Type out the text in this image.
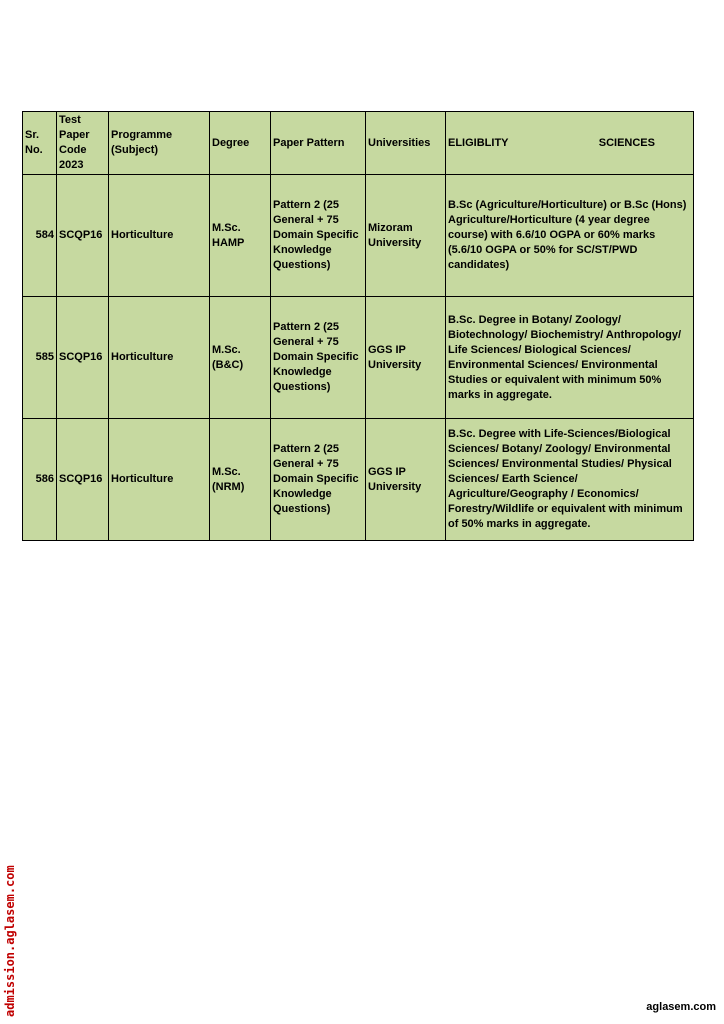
Sr. No.	Test Paper Code 2023	Programme (Subject)	Degree	Paper Pattern	Universities	ELIGIBLITY SCIENCES

584	SCQP16	Horticulture	M.Sc. HAMP	Pattern 2 (25 General + 75 Domain Specific Knowledge Questions)	Mizoram University	B.Sc (Agriculture/Horticulture) or B.Sc (Hons) Agriculture/Horticulture (4 year degree course) with 6.6/10 OGPA or 60% marks (5.6/10 OGPA or 50% for SC/ST/PWD candidates)
585	SCQP16	Horticulture	M.Sc. (B&C)	Pattern 2 (25 General + 75 Domain Specific Knowledge Questions)	GGS IP University	B.Sc. Degree in Botany/ Zoology/ Biotechnology/ Biochemistry/ Anthropology/ Life Sciences/ Biological Sciences/ Environmental Sciences/ Environmental Studies or equivalent with minimum 50% marks in aggregate.
586	SCQP16	Horticulture	M.Sc. (NRM)	Pattern 2 (25 General + 75 Domain Specific Knowledge Questions)	GGS IP University	B.Sc. Degree with Life-Sciences/Biological Sciences/ Botany/ Zoology/ Environmental Sciences/ Environmental Studies/ Physical Sciences/ Earth Science/ Agriculture/Geography / Economics/ Forestry/Wildlife or equivalent with minimum of 50% marks in aggregate.
admission.aglasem.com	aglasem.com
